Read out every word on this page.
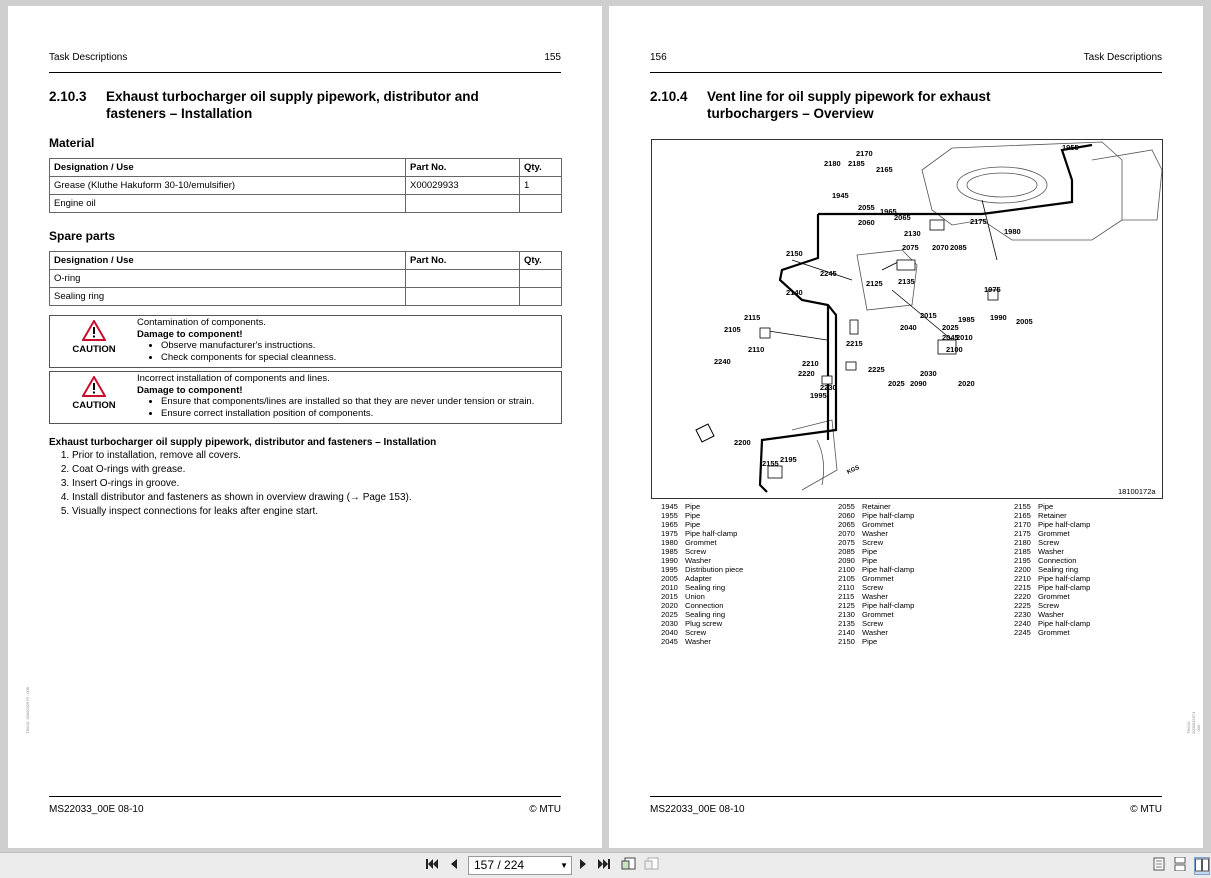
Task Descriptions	155
2.10.3	Exhaust turbocharger oil supply pipework, distributor and fasteners – Installation
Material
Designation / Use	Part No.	Qty.
Grease (Kluthe Hakuform 30-10/emulsifier)	X00029933	1
Engine oil		
Spare parts
Designation / Use	Part No.	Qty.
O-ring		
Sealing ring		
CAUTION
Contamination of components.
Damage to component!
• Observe manufacturer's instructions.
• Check components for special cleanness.
CAUTION
Incorrect installation of components and lines.
Damage to component!
• Ensure that components/lines are installed so that they are never under tension or strain.
• Ensure correct installation position of components.
Exhaust turbocharger oil supply pipework, distributor and fasteners – Installation
1. Prior to installation, remove all covers.
2. Coat O-rings with grease.
3. Insert O-rings in groove.
4. Install distributor and fasteners as shown in overview drawing (→ Page 153).
5. Visually inspect connections for leaks after engine start.
TIM-ID: 0000032979 - 009
MS22033_00E 08-10	© MTU
156	Task Descriptions
2.10.4	Vent line for oil supply pipework for exhaust turbochargers – Overview
1955
2170
2180 2185
2165
1945
1965
2055
2065	2175
2060
2130
2070
2075	2085
2150
2245
2140
2125 2135
1980
1975
1990
1985	2005
2015
2040	2025
2045
2010
2100
2115
2105
2110
2240
2215
2210
2225
2220
2230
1995
2030
2020
2025 2090
2200
2195
2155
KGS
18100172a
1945 Pipe
1955 Pipe
1965 Pipe
1975 Pipe half-clamp
1980 Grommet
1985 Screw
1990 Washer
1995 Distribution piece
2005 Adapter
2010 Sealing ring
2015 Union
2020 Connection
2025 Sealing ring
2030 Plug screw
2040 Screw
2045 Washer
2055 Retainer
2060 Pipe half-clamp
2065 Grommet
2070 Washer
2075 Screw
2085 Pipe
2090 Pipe
2100 Pipe half-clamp
2105 Grommet
2110 Screw
2115 Washer
2125 Pipe half-clamp
2130 Grommet
2135 Screw
2140 Washer
2150 Pipe
2155 Pipe
2165 Retainer
2170 Pipe half-clamp
2175 Grommet
2180 Screw
2185 Washer
2195 Connection
2200 Sealing ring
2210 Pipe half-clamp
2215 Pipe half-clamp
2220 Grommet
2225 Screw
2230 Washer
2240 Pipe half-clamp
2245 Grommet
TIM-ID: 0000032974 - 009
MS22033_00E 08-10	© MTU
157 / 224	▼
